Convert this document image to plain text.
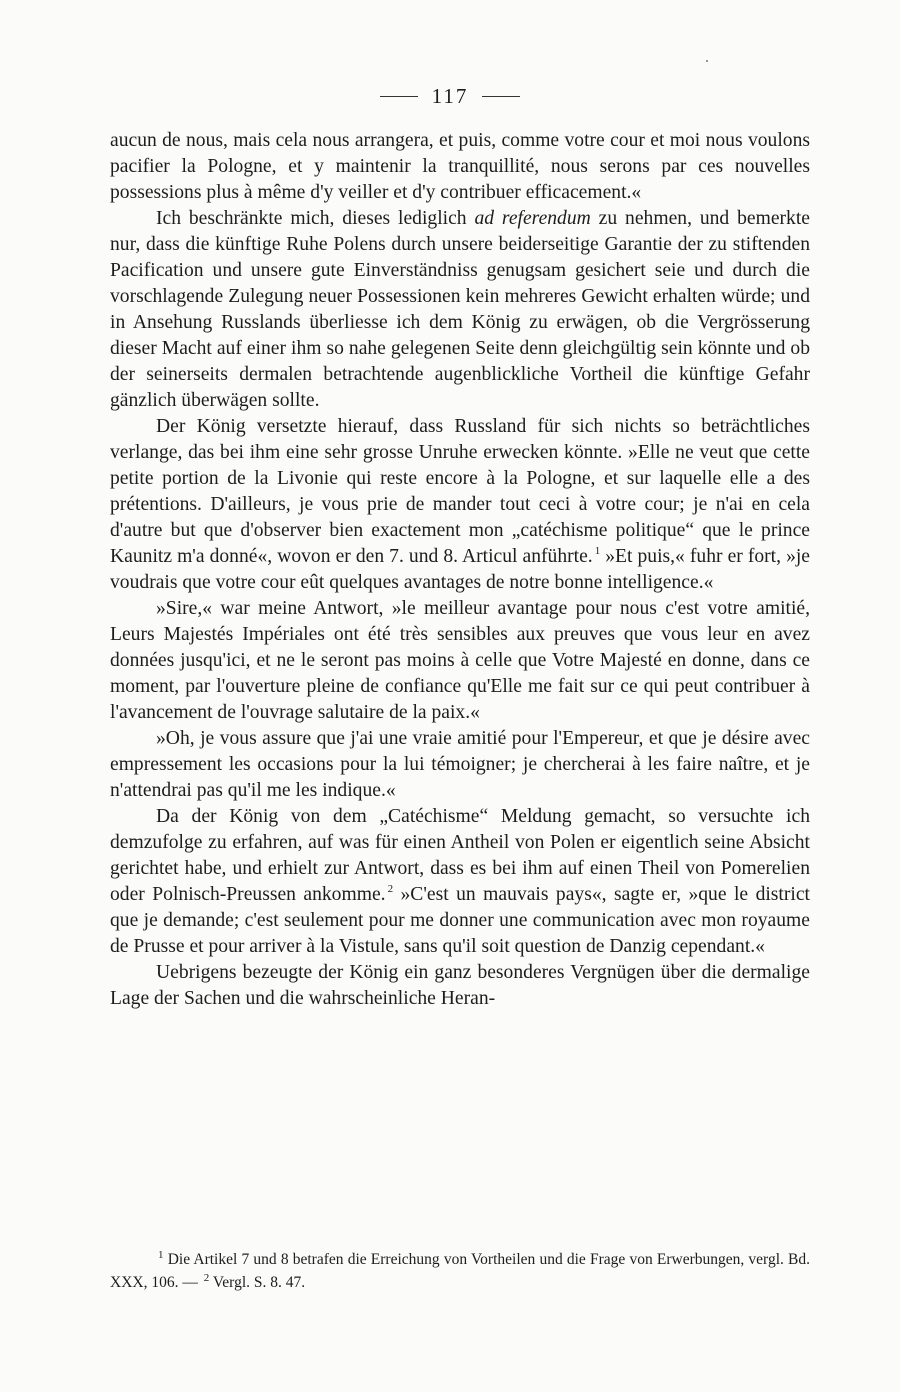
117

aucun de nous, mais cela nous arrangera, et puis, comme votre cour et moi nous voulons pacifier la Pologne, et y maintenir la tranquillité, nous serons par ces nouvelles possessions plus à même d'y veiller et d'y contribuer efficacement.«

Ich beschränkte mich, dieses lediglich ad referendum zu nehmen, und bemerkte nur, dass die künftige Ruhe Polens durch unsere beiderseitige Garantie der zu stiftenden Pacification und unsere gute Einverständniss genugsam gesichert seie und durch die vorschlagende Zulegung neuer Possessionen kein mehreres Gewicht erhalten würde; und in Ansehung Russlands überliesse ich dem König zu erwägen, ob die Vergrösserung dieser Macht auf einer ihm so nahe gelegenen Seite denn gleichgültig sein könnte und ob der seinerseits dermalen betrachtende augenblickliche Vortheil die künftige Gefahr gänzlich überwägen sollte.

Der König versetzte hierauf, dass Russland für sich nichts so beträchtliches verlange, das bei ihm eine sehr grosse Unruhe erwecken könnte. »Elle ne veut que cette petite portion de la Livonie qui reste encore à la Pologne, et sur laquelle elle a des prétentions. D'ailleurs, je vous prie de mander tout ceci à votre cour; je n'ai en cela d'autre but que d'observer bien exactement mon „catéchisme politique“ que le prince Kaunitz m'a donné«, wovon er den 7. und 8. Articul anführte. $^1$ »Et puis,« fuhr er fort, »je voudrais que votre cour eût quelques avantages de notre bonne intelligence.«

»Sire,« war meine Antwort, »le meilleur avantage pour nous c'est votre amitié, Leurs Majestés Impériales ont été très sensibles aux preuves que vous leur en avez données jusqu'ici, et ne le seront pas moins à celle que Votre Majesté en donne, dans ce moment, par l'ouverture pleine de confiance qu'Elle me fait sur ce qui peut contribuer à l'avancement de l'ouvrage salutaire de la paix.«

»Oh, je vous assure que j'ai une vraie amitié pour l'Empereur, et que je désire avec empressement les occasions pour la lui témoigner; je chercherai à les faire naître, et je n'attendrai pas qu'il me les indique.«

Da der König von dem „Catéchisme“ Meldung gemacht, so versuchte ich demzufolge zu erfahren, auf was für einen Antheil von Polen er eigentlich seine Absicht gerichtet habe, und erhielt zur Antwort, dass es bei ihm auf einen Theil von Pomerelien oder Polnisch-Preussen ankomme. $^2$ »C'est un mauvais pays«, sagte er, »que le district que je demande; c'est seulement pour me donner une communication avec mon royaume de Prusse et pour arriver à la Vistule, sans qu'il soit question de Danzig cependant.«

Uebrigens bezeugte der König ein ganz besonderes Vergnügen über die dermalige Lage der Sachen und die wahrscheinliche Heran-

$^1$ Die Artikel 7 und 8 betrafen die Erreichung von Vortheilen und die Frage von Erwerbungen, vergl. Bd. XXX, 106. — $^2$ Vergl. S. 8. 47.
